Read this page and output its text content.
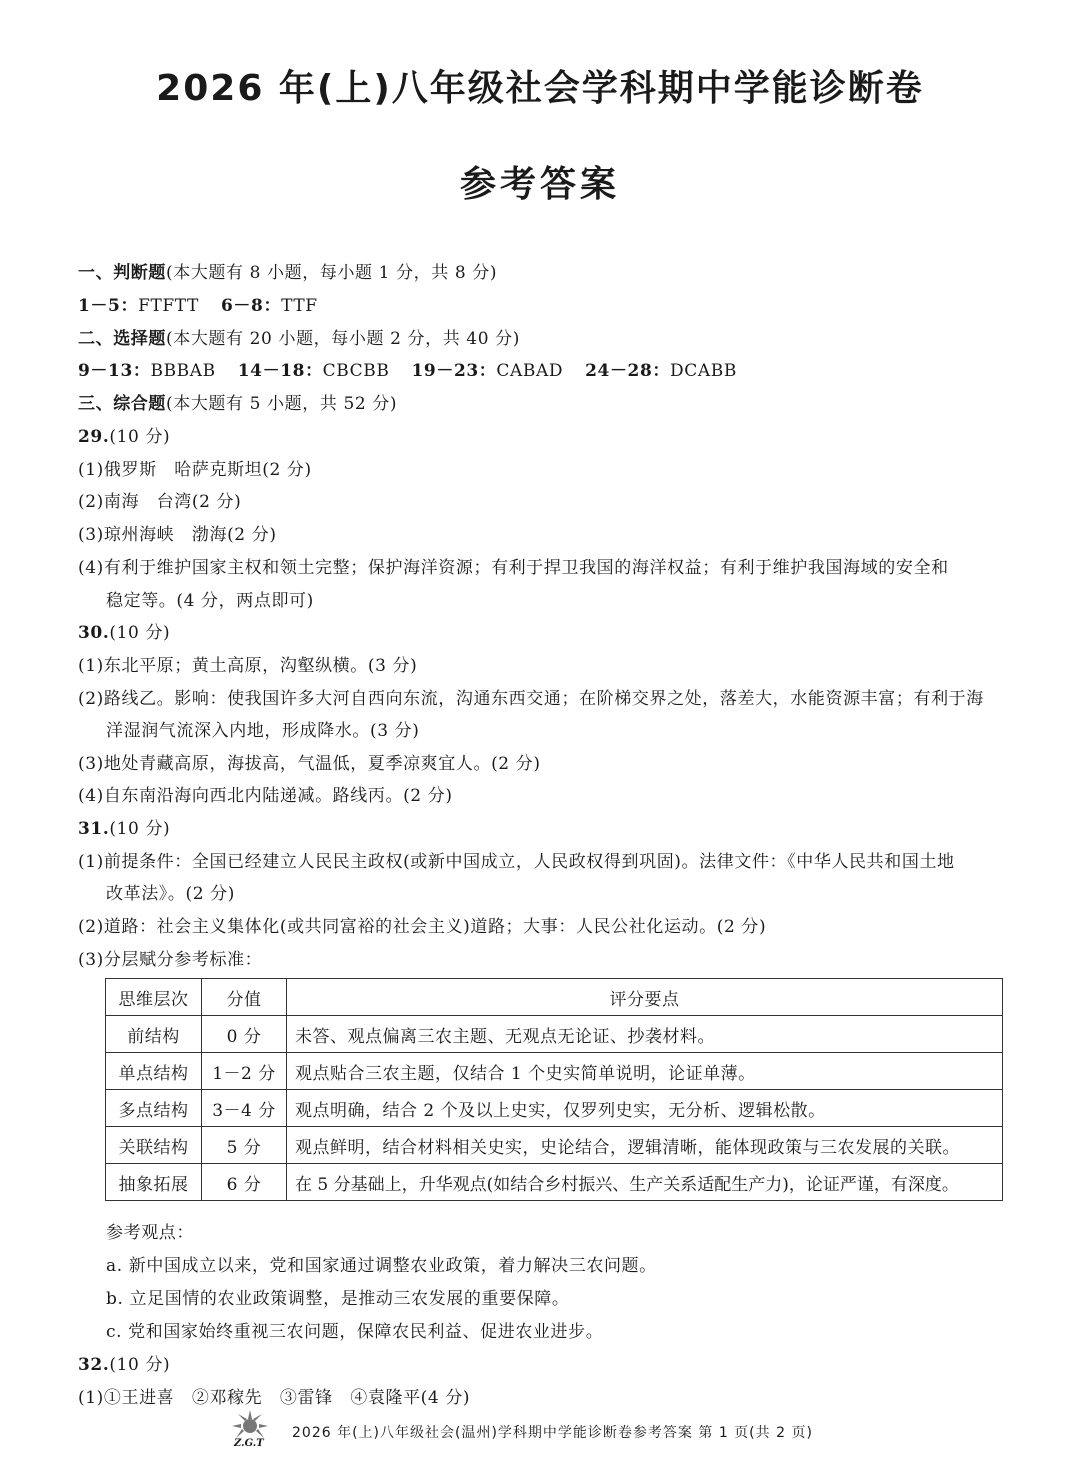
2026 年(上)八年级社会学科期中学能诊断卷
参考答案
一、判断题(本大题有 8 小题，每小题 1 分，共 8 分)
1－5：FTFTT 6－8：TTF
二、选择题(本大题有 20 小题，每小题 2 分，共 40 分)
9－13：BBBAB 14－18：CBCBB 19－23：CABAD 24－28：DCABB
三、综合题(本大题有 5 小题，共 52 分)
29.(10 分)
(1)俄罗斯　哈萨克斯坦(2 分)
(2)南海　台湾(2 分)
(3)琼州海峡　渤海(2 分)
(4)有利于维护国家主权和领土完整；保护海洋资源；有利于捍卫我国的海洋权益；有利于维护我国海域的安全和
稳定等。(4 分，两点即可)
30.(10 分)
(1)东北平原；黄土高原，沟壑纵横。(3 分)
(2)路线乙。影响：使我国许多大河自西向东流，沟通东西交通；在阶梯交界之处，落差大，水能资源丰富；有利于海
洋湿润气流深入内地，形成降水。(3 分)
(3)地处青藏高原，海拔高，气温低，夏季凉爽宜人。(2 分)
(4)自东南沿海向西北内陆递减。路线丙。(2 分)
31.(10 分)
(1)前提条件：全国已经建立人民民主政权(或新中国成立，人民政权得到巩固)。法律文件：《中华人民共和国土地
改革法》。(2 分)
(2)道路：社会主义集体化(或共同富裕的社会主义)道路；大事：人民公社化运动。(2 分)
(3)分层赋分参考标准：
思维层次	分值	评分要点
前结构	0 分	未答、观点偏离三农主题、无观点无论证、抄袭材料。
单点结构	1－2 分	观点贴合三农主题，仅结合 1 个史实简单说明，论证单薄。
多点结构	3－4 分	观点明确，结合 2 个及以上史实，仅罗列史实，无分析、逻辑松散。
关联结构	5 分	观点鲜明，结合材料相关史实，史论结合，逻辑清晰，能体现政策与三农发展的关联。
抽象拓展	6 分	在 5 分基础上，升华观点(如结合乡村振兴、生产关系适配生产力)，论证严谨，有深度。
参考观点：
a. 新中国成立以来，党和国家通过调整农业政策，着力解决三农问题。
b. 立足国情的农业政策调整，是推动三农发展的重要保障。
c. 党和国家始终重视三农问题，保障农民利益、促进农业进步。
32.(10 分)
(1)①王进喜　②邓稼先　③雷锋　④袁隆平(4 分)
Z.G.T
2026 年(上)八年级社会(温州)学科期中学能诊断卷参考答案 第 1 页(共 2 页)
